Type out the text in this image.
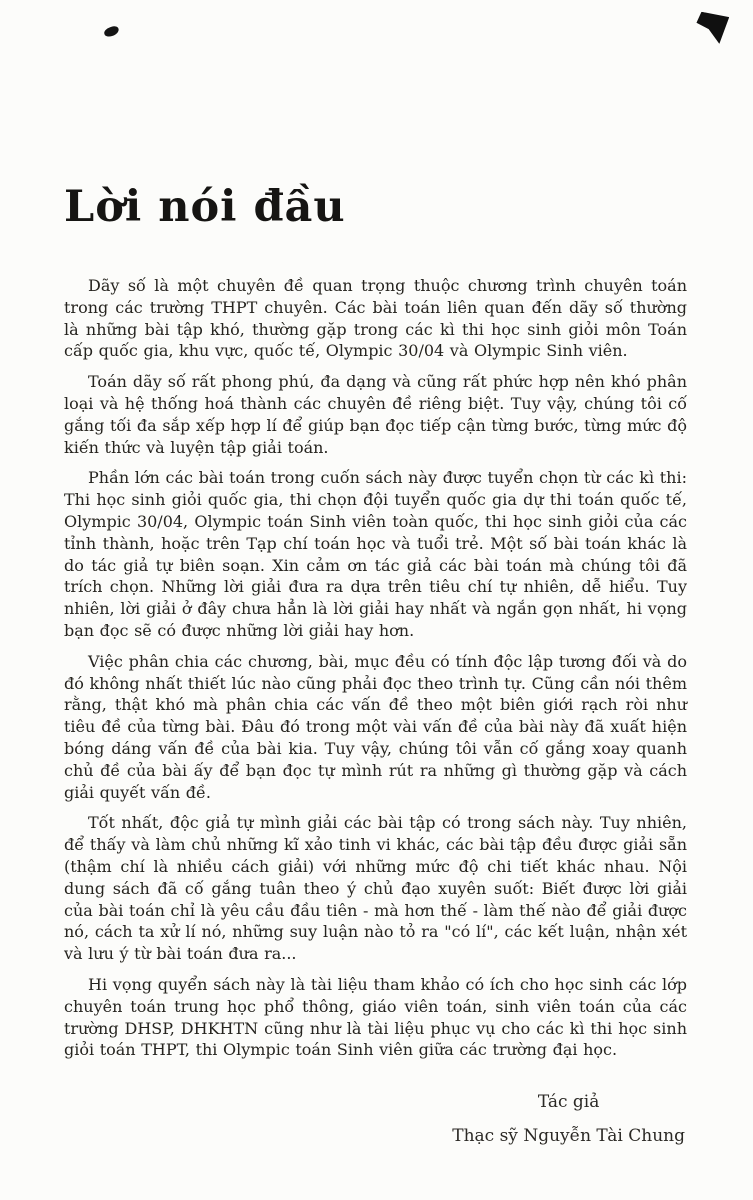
Lời nói đầu

Dãy số là một chuyên đề quan trọng thuộc chương trình chuyên toán trong các trường THPT chuyên. Các bài toán liên quan đến dãy số thường là những bài tập khó, thường gặp trong các kì thi học sinh giỏi môn Toán cấp quốc gia, khu vực, quốc tế, Olympic 30/04 và Olympic Sinh viên.

Toán dãy số rất phong phú, đa dạng và cũng rất phức hợp nên khó phân loại và hệ thống hoá thành các chuyên đề riêng biệt. Tuy vậy, chúng tôi cố gắng tối đa sắp xếp hợp lí để giúp bạn đọc tiếp cận từng bước, từng mức độ kiến thức và luyện tập giải toán.

Phần lớn các bài toán trong cuốn sách này được tuyển chọn từ các kì thi: Thi học sinh giỏi quốc gia, thi chọn đội tuyển quốc gia dự thi toán quốc tế, Olympic 30/04, Olympic toán Sinh viên toàn quốc, thi học sinh giỏi của các tỉnh thành, hoặc trên Tạp chí toán học và tuổi trẻ. Một số bài toán khác là do tác giả tự biên soạn. Xin cảm ơn tác giả các bài toán mà chúng tôi đã trích chọn. Những lời giải đưa ra dựa trên tiêu chí tự nhiên, dễ hiểu. Tuy nhiên, lời giải ở đây chưa hẳn là lời giải hay nhất và ngắn gọn nhất, hi vọng bạn đọc sẽ có được những lời giải hay hơn.

Việc phân chia các chương, bài, mục đều có tính độc lập tương đối và do đó không nhất thiết lúc nào cũng phải đọc theo trình tự. Cũng cần nói thêm rằng, thật khó mà phân chia các vấn đề theo một biên giới rạch ròi như tiêu đề của từng bài. Đâu đó trong một vài vấn đề của bài này đã xuất hiện bóng dáng vấn đề của bài kia. Tuy vậy, chúng tôi vẫn cố gắng xoay quanh chủ đề của bài ấy để bạn đọc tự mình rút ra những gì thường gặp và cách giải quyết vấn đề.

Tốt nhất, độc giả tự mình giải các bài tập có trong sách này. Tuy nhiên, để thấy và làm chủ những kĩ xảo tinh vi khác, các bài tập đều được giải sẵn (thậm chí là nhiều cách giải) với những mức độ chi tiết khác nhau. Nội dung sách đã cố gắng tuân theo ý chủ đạo xuyên suốt: Biết được lời giải của bài toán chỉ là yêu cầu đầu tiên - mà hơn thế - làm thế nào để giải được nó, cách ta xử lí nó, những suy luận nào tỏ ra "có lí", các kết luận, nhận xét và lưu ý từ bài toán đưa ra...

Hi vọng quyển sách này là tài liệu tham khảo có ích cho học sinh các lớp chuyên toán trung học phổ thông, giáo viên toán, sinh viên toán của các trường DHSP, DHKHTN cũng như là tài liệu phục vụ cho các kì thi học sinh giỏi toán THPT, thi Olympic toán Sinh viên giữa các trường đại học.

Tác giả
Thạc sỹ Nguyễn Tài Chung
